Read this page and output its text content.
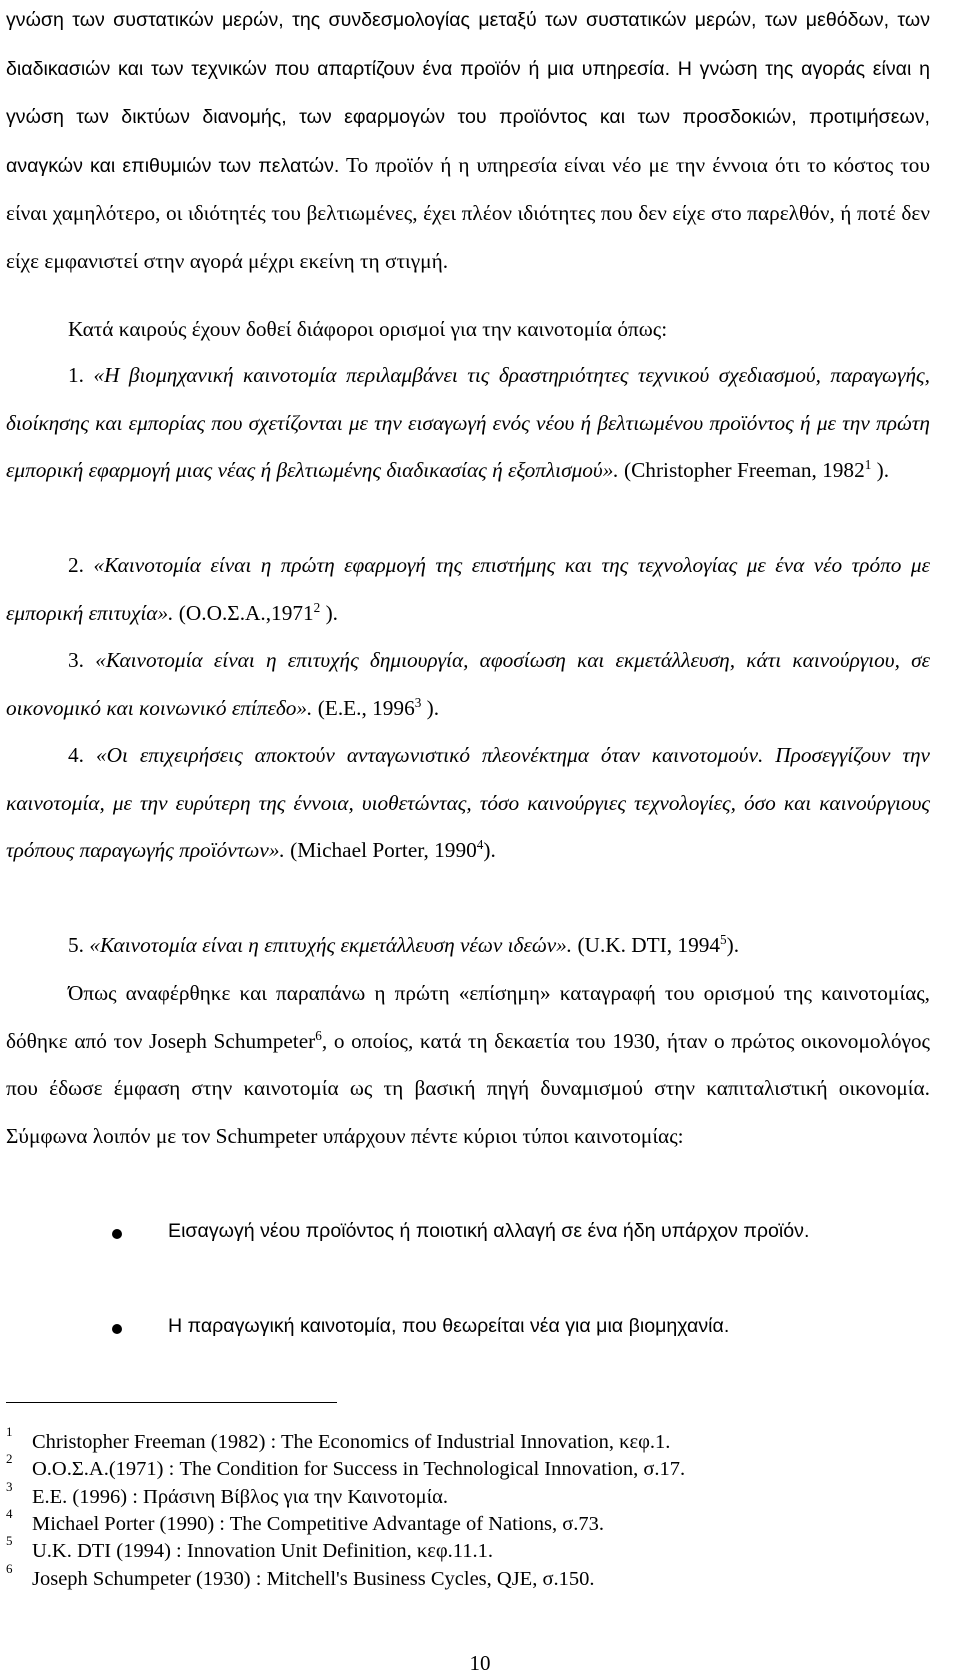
γνώση των συστατικών μερών, της συνδεσμολογίας μεταξύ των συστατικών μερών, των μεθόδων, των διαδικασιών και των τεχνικών που απαρτίζουν ένα προϊόν ή μια υπηρεσία. Η γνώση της αγοράς είναι η γνώση των δικτύων διανομής, των εφαρμογών του προϊόντος και των προσδοκιών, προτιμήσεων, αναγκών και επιθυμιών των πελατών. Το προϊόν ή η υπηρεσία είναι νέο με την έννοια ότι το κόστος του είναι χαμηλότερο, οι ιδιότητές του βελτιωμένες, έχει πλέον ιδιότητες που δεν είχε στο παρελθόν, ή ποτέ δεν είχε εμφανιστεί στην αγορά μέχρι εκείνη τη στιγμή.

Κατά καιρούς έχουν δοθεί διάφοροι ορισμοί για την καινοτομία όπως:

1. «Η βιομηχανική καινοτομία περιλαμβάνει τις δραστηριότητες τεχνικού σχεδιασμού, παραγωγής, διοίκησης και εμπορίας που σχετίζονται με την εισαγωγή ενός νέου ή βελτιωμένου προϊόντος ή με την πρώτη εμπορική εφαρμογή μιας νέας ή βελτιωμένης διαδικασίας ή εξοπλισμού». (Christopher Freeman, 1982$^1$ ).

2. «Καινοτομία είναι η πρώτη εφαρμογή της επιστήμης και της τεχνολογίας με ένα νέο τρόπο με εμπορική επιτυχία». (Ο.Ο.Σ.Α.,1971$^2$ ).

3. «Καινοτομία είναι η επιτυχής δημιουργία, αφοσίωση και εκμετάλλευση, κάτι καινούργιου, σε οικονομικό και κοινωνικό επίπεδο». (Ε.Ε., 1996$^3$ ).

4. «Οι επιχειρήσεις αποκτούν ανταγωνιστικό πλεονέκτημα όταν καινοτομούν. Προσεγγίζουν την καινοτομία, με την ευρύτερη της έννοια, υιοθετώντας, τόσο καινούργιες τεχνολογίες, όσο και καινούργιους τρόπους παραγωγής προϊόντων». (Michael Porter, 1990$^4$).

5. «Καινοτομία είναι η επιτυχής εκμετάλλευση νέων ιδεών». (U.K. DTI, 1994$^5$).

Όπως αναφέρθηκε και παραπάνω η πρώτη «επίσημη» καταγραφή του ορισμού της καινοτομίας, δόθηκε από τον Joseph Schumpeter$^6$, ο οποίος, κατά τη δεκαετία του 1930, ήταν ο πρώτος οικονομολόγος που έδωσε έμφαση στην καινοτομία ως τη βασική πηγή δυναμισμού στην καπιταλιστική οικονομία. Σύμφωνα λοιπόν με τον Schumpeter υπάρχουν πέντε κύριοι τύποι καινοτομίας:

Εισαγωγή νέου προϊόντος ή ποιοτική αλλαγή σε ένα ήδη υπάρχον προϊόν.

Η παραγωγική καινοτομία, που θεωρείται νέα για μια βιομηχανία.

1 Christopher Freeman (1982) : The Economics of Industrial Innovation, κεφ.1.
2 Ο.Ο.Σ.Α.(1971) : The Condition for Success in Technological Innovation, σ.17.
3 Ε.Ε. (1996) : Πράσινη Βίβλος για την Καινοτομία.
4 Michael Porter (1990) : The Competitive Advantage of Nations, σ.73.
5 U.K. DTI (1994) : Innovation Unit Definition, κεφ.11.1.
6 Joseph Schumpeter (1930) : Mitchell's Business Cycles, QJE, σ.150.
10
